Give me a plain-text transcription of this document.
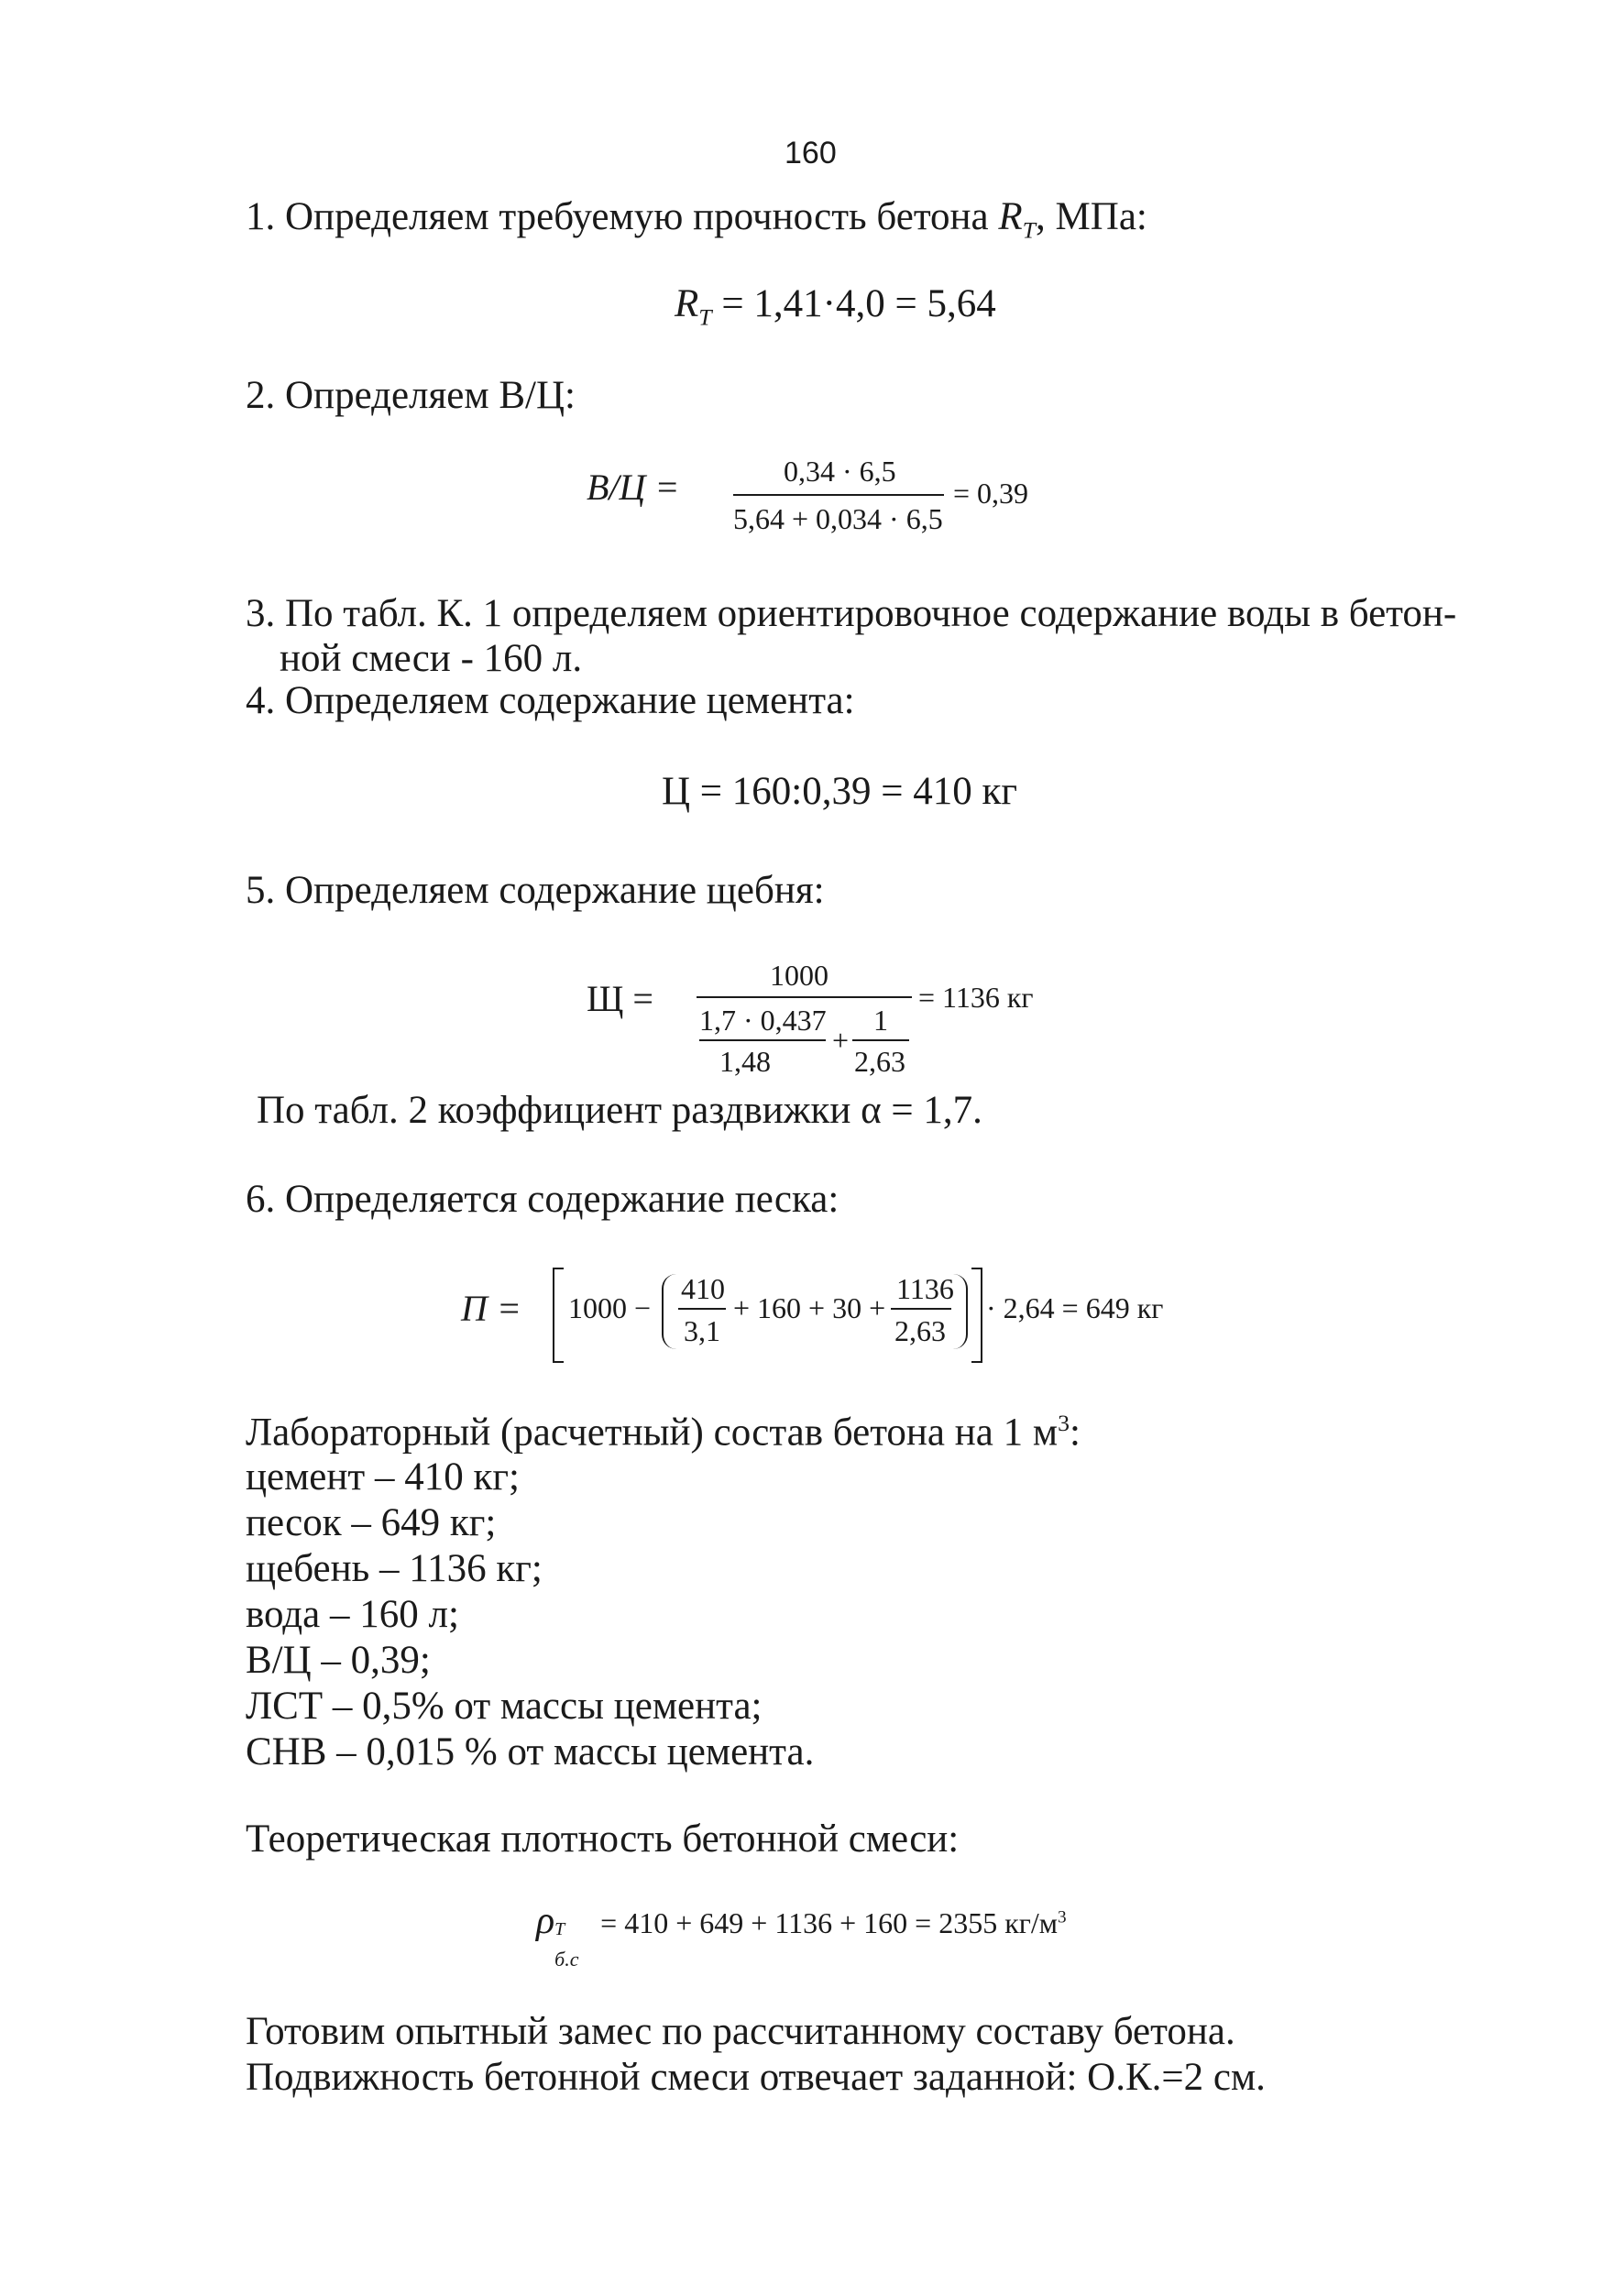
160
1. Определяем требуемую прочность бетона $R_T$, МПа:
$R_T = 1,41\cdot 4,0 = 5,64$
2. Определяем В/Ц:
В/Ц =	0,34 · 6,5
5,64 + 0,034 · 6,5
= 0,39
3. По табл. К. 1 определяем ориентировочное содержание воды в бетон-
ной смеси - 160 л.
4. Определяем содержание цемента:
Ц = 160:0,39 = 410 кг
5. Определяем содержание щебня:
Щ =
1000
1,7 · 0,437
1,48
+
1
2,63
= 1136 кг
По табл. 2 коэффициент раздвижки α = 1,7.
6. Определяется содержание песка:
П = 1000 −
410
3,1
+ 160 + 30 +
1136
2,63
· 2,64 = 649 кг
Лабораторный (расчетный) состав бетона на 1 $м^3$:
цемент – 410 кг;
песок – 649 кг;
щебень – 1136 кг;
вода – 160 л;
В/Ц – 0,39;
ЛСТ – 0,5% от массы цемента;
СНВ – 0,015 % от массы цемента.
Теоретическая плотность бетонной смеси:
ρ Т
б.с
= 410 + 649 + 1136 + 160 = 2355 $кг/м^3$
Готовим опытный замес по рассчитанному составу бетона.
Подвижность бетонной смеси отвечает заданной: О.К.=2 см.
